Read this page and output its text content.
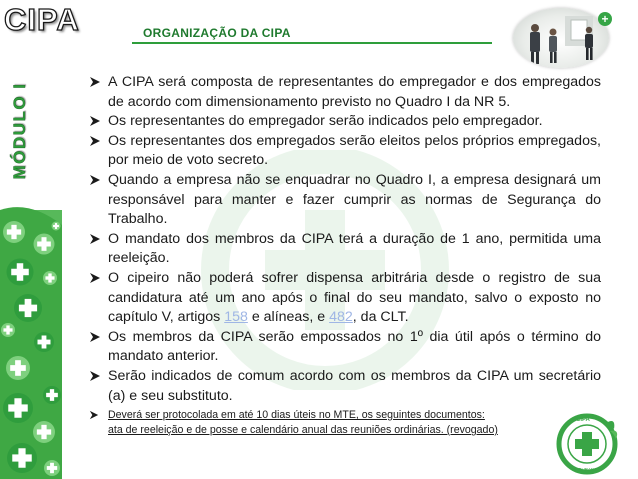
CIPA
MÓDULO I
ORGANIZAÇÃO DA CIPA
+
A CIPA será composta de representantes do empregador e dos empregados de acordo com dimensionamento previsto no Quadro I da NR 5.
Os representantes do empregador serão indicados pelo empregador.
Os representantes dos empregados serão eleitos pelos próprios empregados, por meio de voto secreto.
Quando a empresa não se enquadrar no Quadro I, a empresa designará um responsável para manter e fazer cumprir as normas de Segurança do Trabalho.
O mandato dos membros da CIPA terá a duração de 1 ano, permitida uma reeleição.
O cipeiro não poderá sofrer dispensa arbitrária desde o registro de sua candidatura até um ano após o final do seu mandato, salvo o exposto no capítulo V, artigos 158 e alíneas, e 482, da CLT.
Os membros da CIPA serão empossados no 1º dia útil após o término do mandato anterior.
Serão indicados de comum acordo com os membros da CIPA um secretário (a) e seu substituto.
Deverá ser protocolada em até 10 dias úteis no MTE, os seguintes documentos:
ata de reeleição e de posse e calendário anual das reuniões ordinárias. (revogado)
CIPA
SEGURANÇA
